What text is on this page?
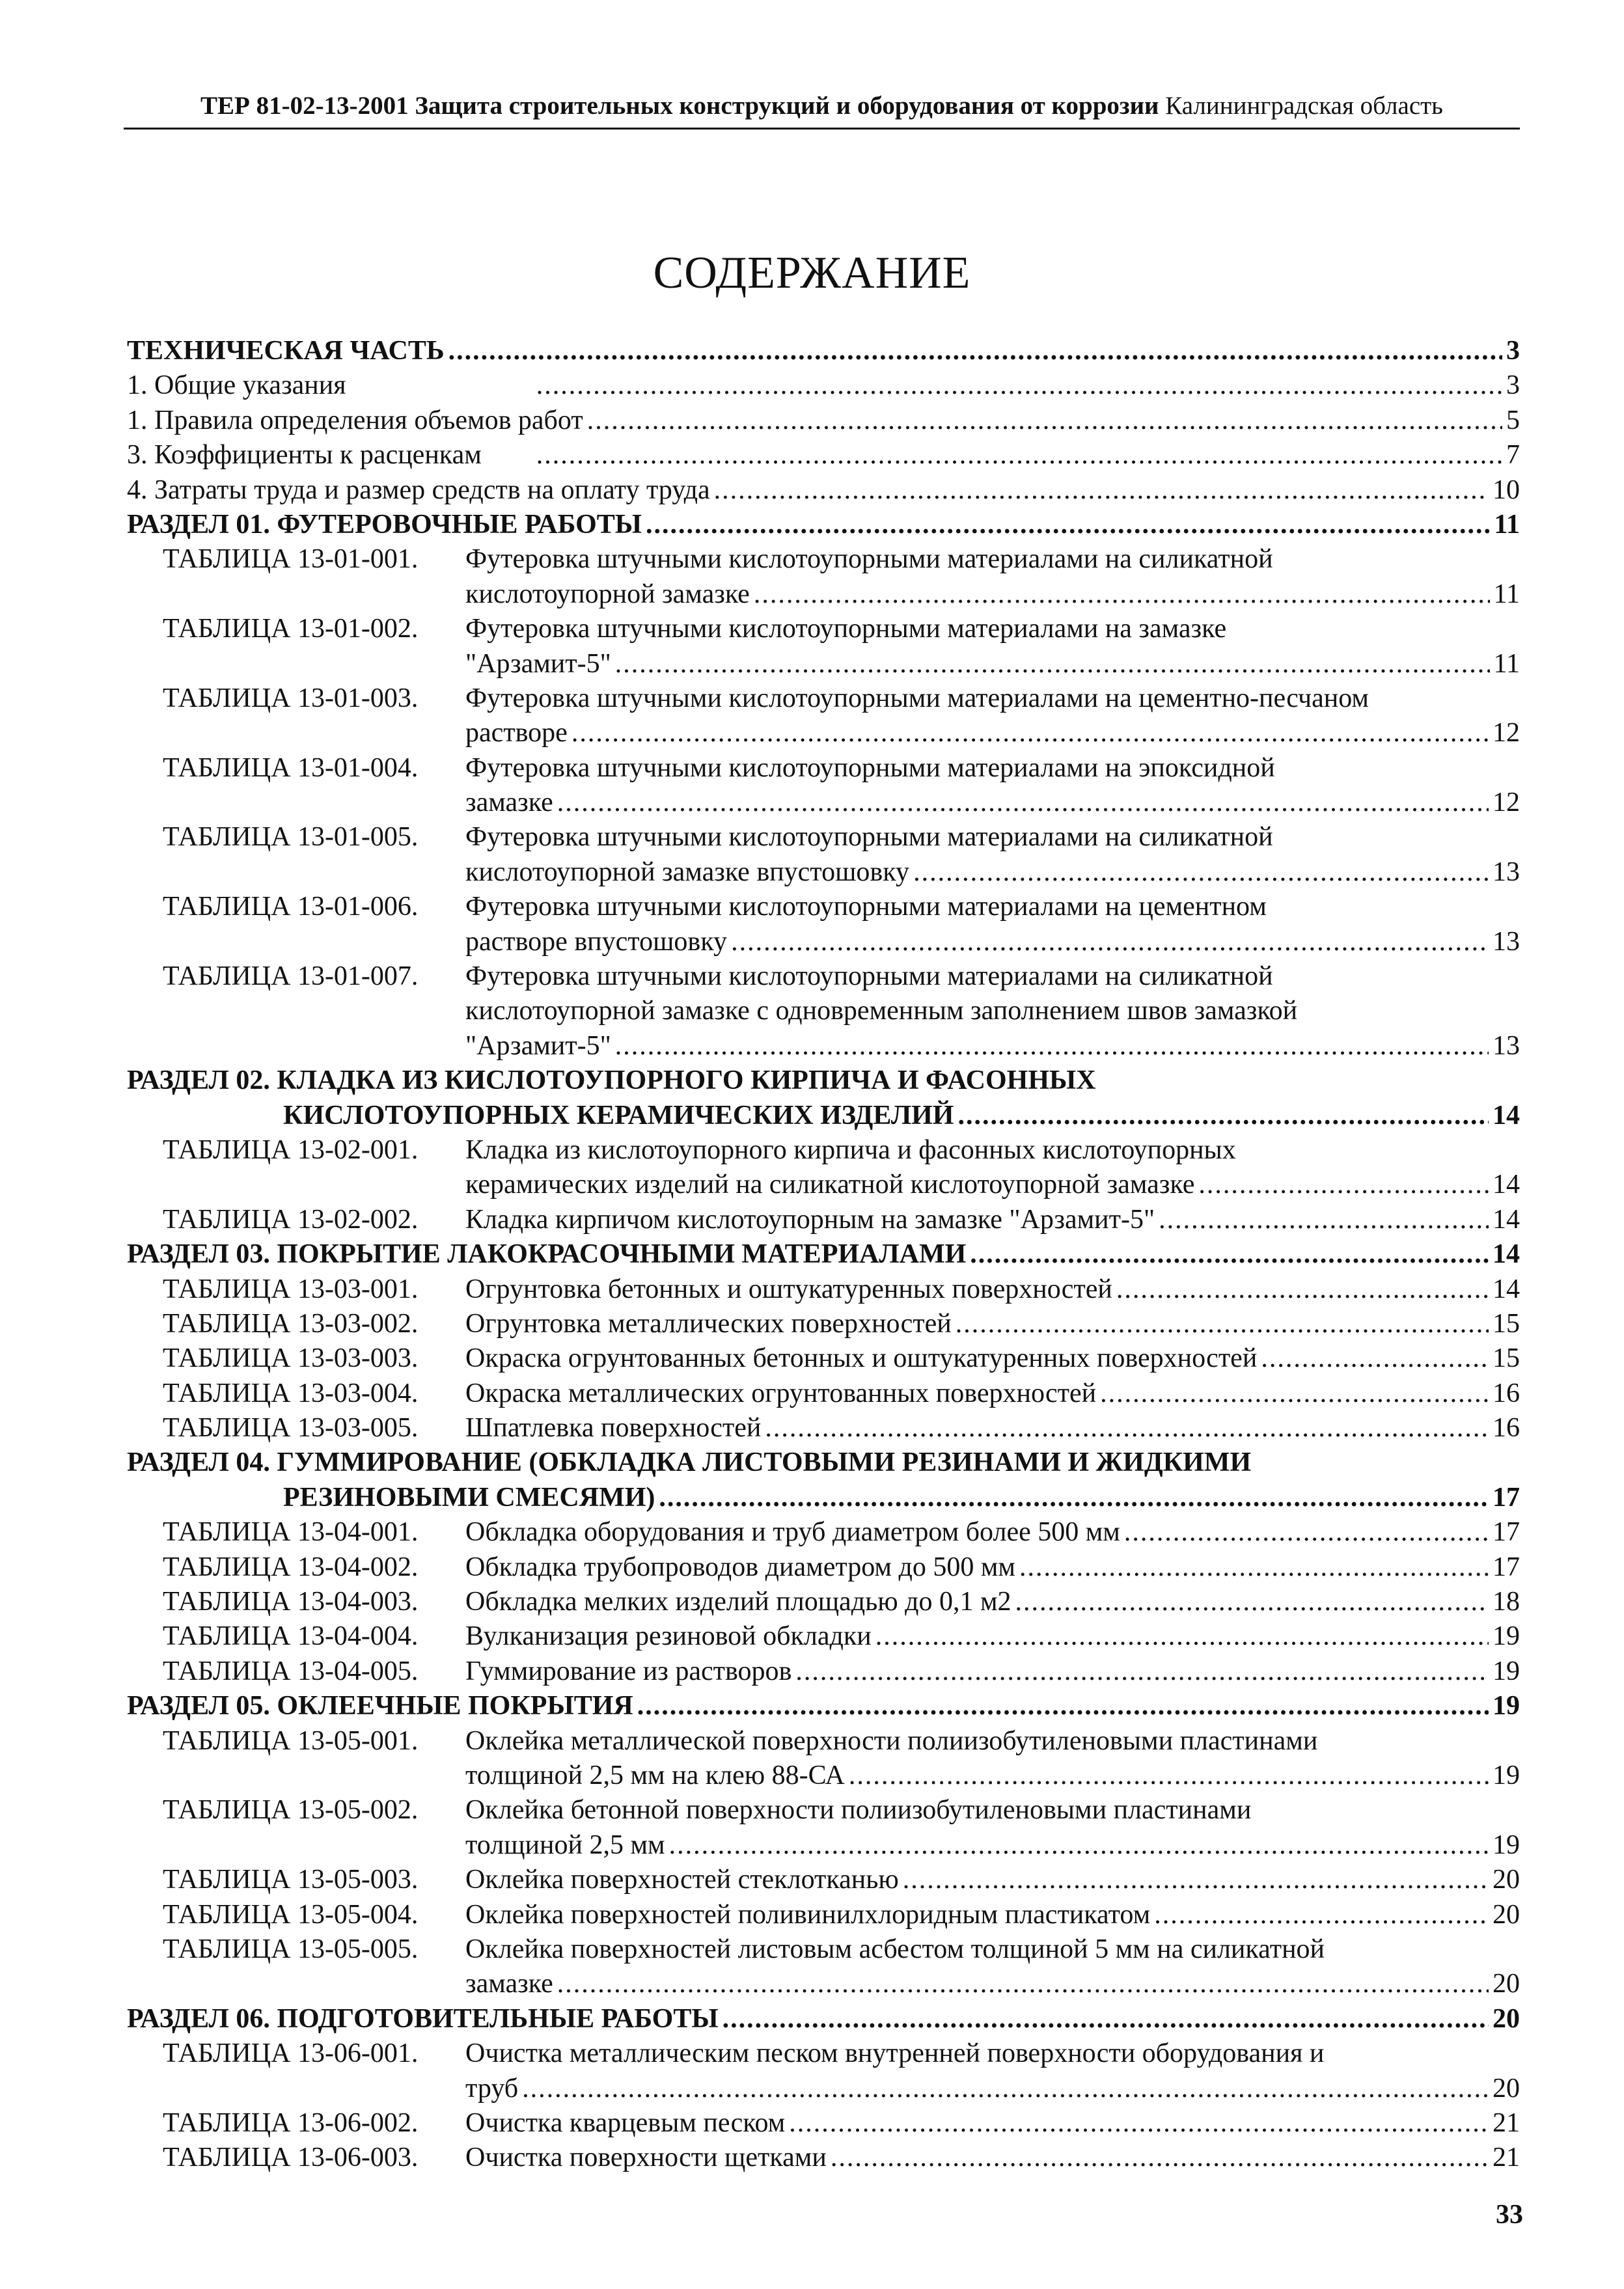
ТЕР 81-02-13-2001 Защита строительных конструкций и оборудования от коррозии Калининградская область
СОДЕРЖАНИЕ
ТЕХНИЧЕСКАЯ ЧАСТЬ .....	3
1. Общие указания .....	3
1. Правила определения объемов работ .....	5
3. Коэффициенты к расценкам .....	7
4. Затраты труда и размер средств на оплату труда .....	10
РАЗДЕЛ 01. ФУТЕРОВОЧНЫЕ РАБОТЫ .....	11
ТАБЛИЦА 13-01-001.	Футеровка штучными кислотоупорными материалами на силикатной
кислотоупорной замазке .....	11
ТАБЛИЦА 13-01-002.	Футеровка штучными кислотоупорными материалами на замазке
"Арзамит-5" .....	11
ТАБЛИЦА 13-01-003.	Футеровка штучными кислотоупорными материалами на цементно-песчаном
растворе .....	12
ТАБЛИЦА 13-01-004.	Футеровка штучными кислотоупорными материалами на эпоксидной
замазке .....	12
ТАБЛИЦА 13-01-005.	Футеровка штучными кислотоупорными материалами на силикатной
кислотоупорной замазке впустошовку .....	13
ТАБЛИЦА 13-01-006.	Футеровка штучными кислотоупорными материалами на цементном
растворе впустошовку .....	13
ТАБЛИЦА 13-01-007.	Футеровка штучными кислотоупорными материалами на силикатной
кислотоупорной замазке с одновременным заполнением швов замазкой
"Арзамит-5" .....	13
РАЗДЕЛ 02. КЛАДКА ИЗ КИСЛОТОУПОРНОГО КИРПИЧА И ФАСОННЫХ
КИСЛОТОУПОРНЫХ КЕРАМИЧЕСКИХ ИЗДЕЛИЙ .....	14
ТАБЛИЦА 13-02-001.	Кладка из кислотоупорного кирпича и фасонных кислотоупорных
керамических изделий на силикатной кислотоупорной замазке .....	14
ТАБЛИЦА 13-02-002.	Кладка кирпичом кислотоупорным на замазке "Арзамит-5" .....	14
РАЗДЕЛ 03. ПОКРЫТИЕ ЛАКОКРАСОЧНЫМИ МАТЕРИАЛАМИ .....	14
ТАБЛИЦА 13-03-001.	Огрунтовка бетонных и оштукатуренных поверхностей .....	14
ТАБЛИЦА 13-03-002.	Огрунтовка металлических поверхностей .....	15
ТАБЛИЦА 13-03-003.	Окраска огрунтованных бетонных и оштукатуренных поверхностей .....	15
ТАБЛИЦА 13-03-004.	Окраска металлических огрунтованных поверхностей .....	16
ТАБЛИЦА 13-03-005.	Шпатлевка поверхностей .....	16
РАЗДЕЛ 04. ГУММИРОВАНИЕ (ОБКЛАДКА ЛИСТОВЫМИ РЕЗИНАМИ И ЖИДКИМИ
РЕЗИНОВЫМИ СМЕСЯМИ) .....	17
ТАБЛИЦА 13-04-001.	Обкладка оборудования и труб диаметром более 500 мм .....	17
ТАБЛИЦА 13-04-002.	Обкладка трубопроводов диаметром до 500 мм .....	17
ТАБЛИЦА 13-04-003.	Обкладка мелких изделий площадью до 0,1 м2 .....	18
ТАБЛИЦА 13-04-004.	Вулканизация резиновой обкладки .....	19
ТАБЛИЦА 13-04-005.	Гуммирование из растворов .....	19
РАЗДЕЛ 05. ОКЛЕЕЧНЫЕ ПОКРЫТИЯ .....	19
ТАБЛИЦА 13-05-001.	Оклейка металлической поверхности полиизобутиленовыми пластинами
толщиной 2,5 мм на клею 88-СА .....	19
ТАБЛИЦА 13-05-002.	Оклейка бетонной поверхности полиизобутиленовыми пластинами
толщиной 2,5 мм .....	19
ТАБЛИЦА 13-05-003.	Оклейка поверхностей стеклотканью .....	20
ТАБЛИЦА 13-05-004.	Оклейка поверхностей поливинилхлоридным пластикатом .....	20
ТАБЛИЦА 13-05-005.	Оклейка поверхностей листовым асбестом толщиной 5 мм на силикатной
замазке .....	20
РАЗДЕЛ 06. ПОДГОТОВИТЕЛЬНЫЕ РАБОТЫ .....	20
ТАБЛИЦА 13-06-001.	Очистка металлическим песком внутренней поверхности оборудования и
труб .....	20
ТАБЛИЦА 13-06-002.	Очистка кварцевым песком .....	21
ТАБЛИЦА 13-06-003.	Очистка поверхности щетками .....	21
33
